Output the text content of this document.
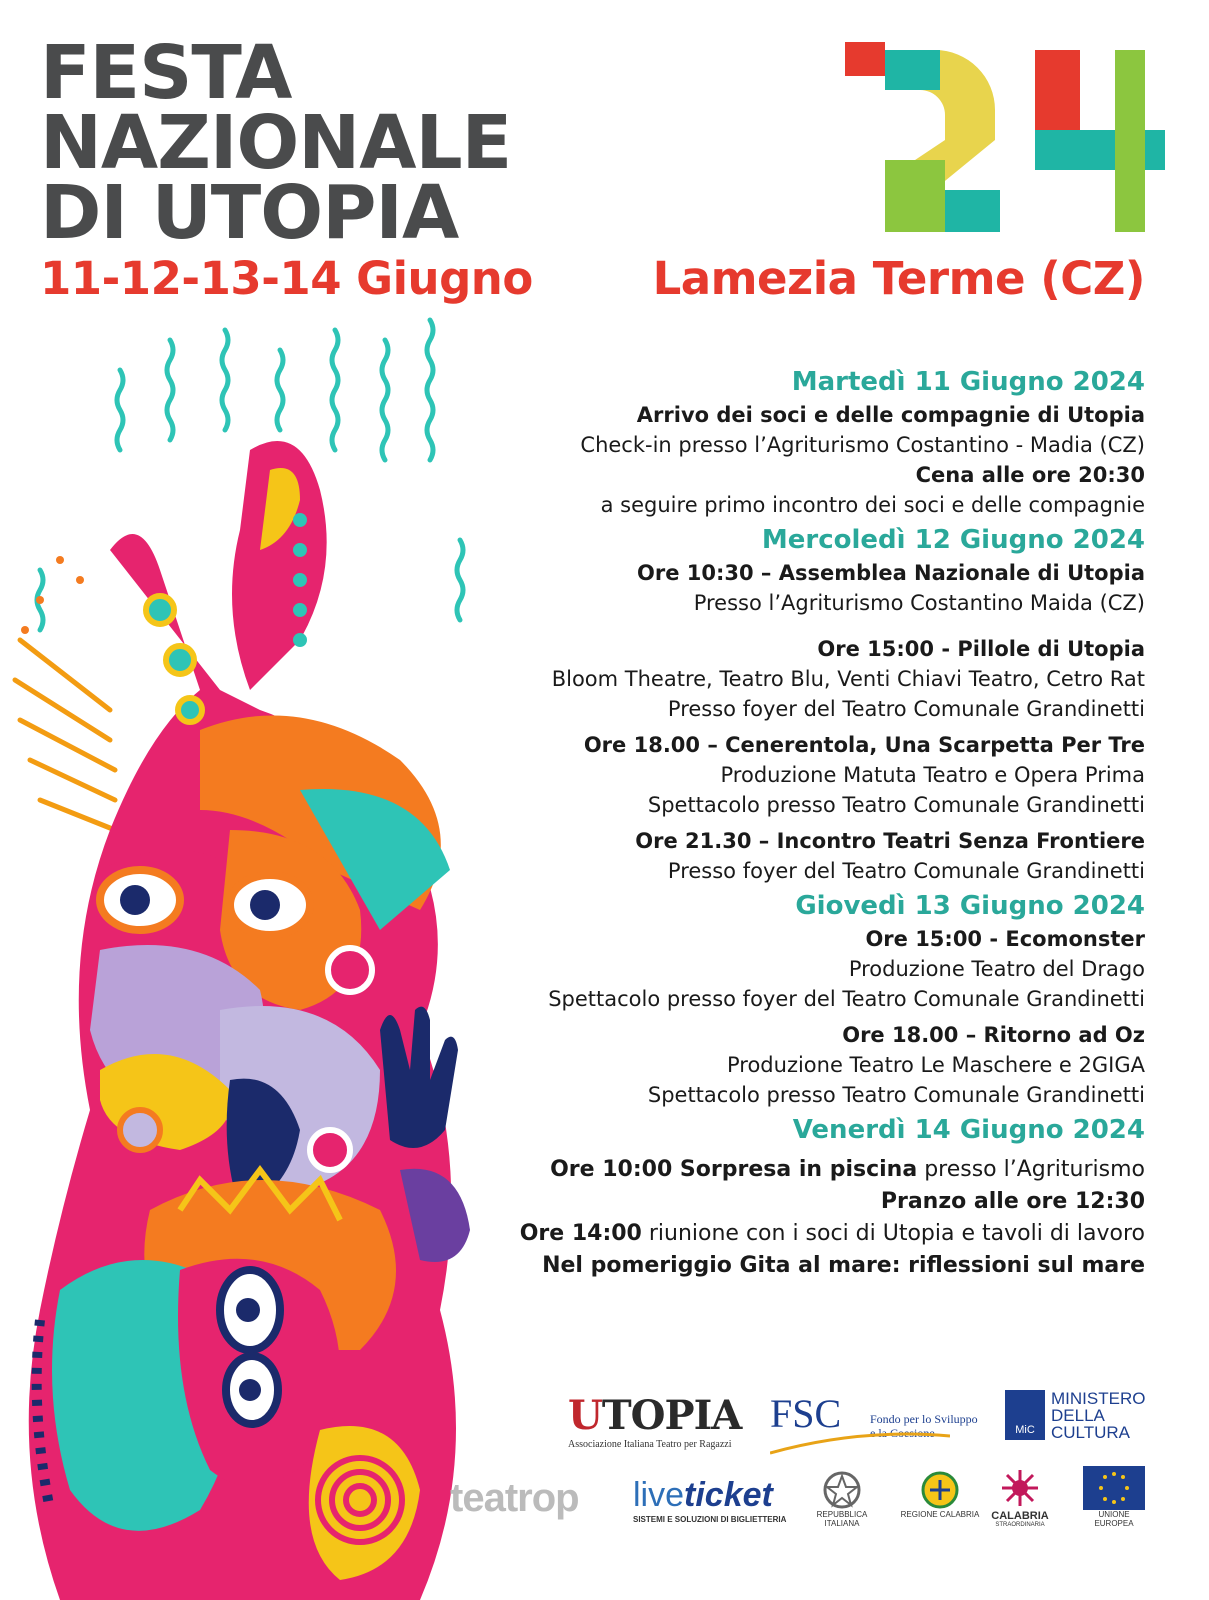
FESTA
NAZIONALE
DI UTOPIA
11-12-13-14 Giugno	Lamezia Terme (CZ)
Martedì 11 Giugno 2024
Arrivo dei soci e delle compagnie di Utopia
Check-in presso l’Agriturismo Costantino - Madia (CZ)
Cena alle ore 20:30
a seguire primo incontro dei soci e delle compagnie
Mercoledì 12 Giugno 2024
Ore 10:30 – Assemblea Nazionale di Utopia
Presso l’Agriturismo Costantino Maida (CZ)
Ore 15:00 - Pillole di Utopia
Bloom Theatre, Teatro Blu, Venti Chiavi Teatro, Cetro Rat
Presso foyer del Teatro Comunale Grandinetti
Ore 18.00 – Cenerentola, Una Scarpetta Per Tre
Produzione Matuta Teatro e Opera Prima
Spettacolo presso Teatro Comunale Grandinetti
Ore 21.30 – Incontro Teatri Senza Frontiere
Presso foyer del Teatro Comunale Grandinetti
Giovedì 13 Giugno 2024
Ore 15:00 - Ecomonster
Produzione Teatro del Drago
Spettacolo presso foyer del Teatro Comunale Grandinetti
Ore 18.00 – Ritorno ad Oz
Produzione Teatro Le Maschere e 2GIGA
Spettacolo presso Teatro Comunale Grandinetti
Venerdì 14 Giugno 2024
Ore 10:00 Sorpresa in piscina presso l’Agriturismo
Pranzo alle ore 12:30
Ore 14:00 riunione con i soci di Utopia e tavoli di lavoro
Nel pomeriggio Gita al mare: riflessioni sul mare
UTOPIA
Associazione Italiana Teatro per Ragazzi
FSC Fondo per lo Sviluppo
e la Coesione	MiC
MINISTERO
DELLA
CULTURA
teatrop liveticket
SISTEMI E SOLUZIONI DI BIGLIETTERIA
REPUBBLICA ITALIANA
REGIONE CALABRIA	CALABRIA
STRAORDINARIA
UNIONE EUROPEA
